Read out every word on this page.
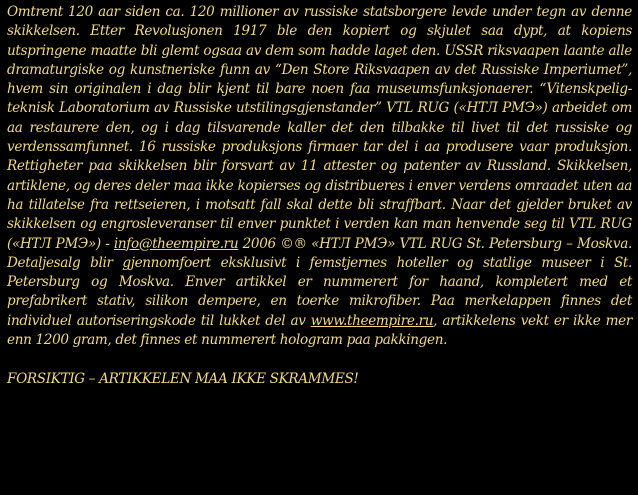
Omtrent 120 aar siden ca. 120 millioner av russiske statsborgere levde under tegn av denne skikkelsen. Etter Revolusjonen 1917 ble den kopiert og skjulet saa dypt, at kopiens utspringene maatte bli glemt ogsaa av dem som hadde laget den. USSR riksvaapen laante alle dramaturgiske og kunstneriske funn av “Den Store Riksvaapen av det Russiske Imperiumet”, hvem sin originalen i dag blir kjent til bare noen faa museumsfunksjonaerer. “Vitenskpelig-teknisk Laboratorium av Russiske utstilingsgjenstander” VTL RUG («НТЛ РМЭ») arbeidet om aa restaurere den, og i dag tilsvarende kaller det den tilbakke til livet til det russiske og verdenssamfunnet. 16 russiske produksjons firmaer tar del i aa produsere vaar produksjon. Rettigheter paa skikkelsen blir forsvart av 11 attester og patenter av Russland. Skikkelsen, artiklene, og deres deler maa ikke kopierses og distribueres i enver verdens omraadet uten aa ha tillatelse fra rettseieren, i motsatt fall skal dette bli straffbart. Naar det gjelder bruket av skikkelsen og engrosleveranser til enver punktet i verden kan man henvende seg til VTL RUG («НТЛ РМЭ») - info@theempire.ru 2006 ©® «НТЛ РМЭ» VTL RUG St. Petersburg – Moskva. Detaljesalg blir gjennomfoert eksklusivt i femstjernes hoteller og statlige museer i St. Petersburg og Moskva. Enver artikkel er nummerert for haand, kompletert med et prefabrikert stativ, silikon dempere, en toerke mikrofiber. Paa merkelappen finnes det individuel autoriseringskode til lukket del av www.theempire.ru, artikkelens vekt er ikke mer enn 1200 gram, det finnes et nummerert hologram paa pakkingen.

FORSIKTIG – ARTIKKELEN MAA IKKE SKRAMMES!
